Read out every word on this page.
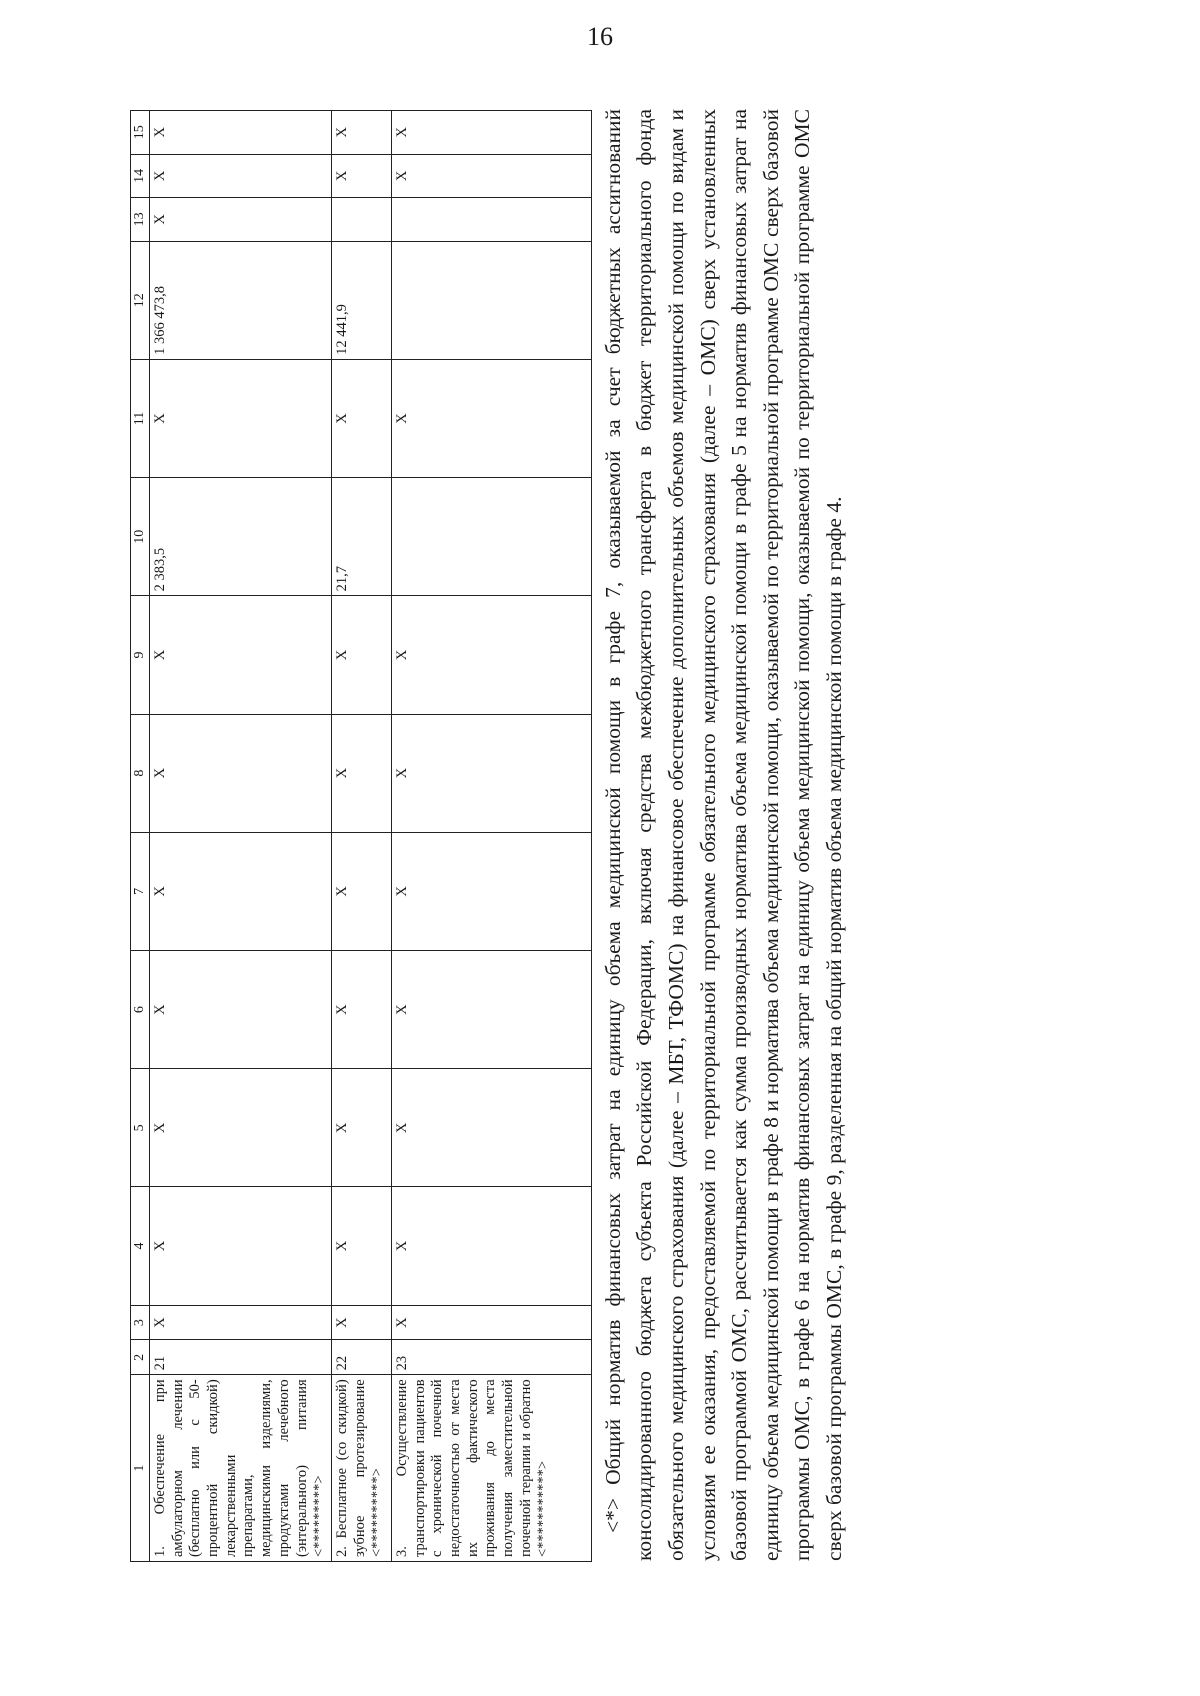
16
1	2	3	4	5	6	7	8	9	10	11	12	13	14	15
1. Обеспечение при амбулаторном лечении (бесплатно или с 50-процентной скидкой) лекарственными препаратами, медицинскими изделиями, продуктами лечебного (энтерального) питания <*********>	21	X	X	X	X	X	X	X	2 383,5	X	1 366 473,8	X	X	X
2. Бесплатное (со скидкой) зубное протезирование <**********>	22	X	X	X	X	X	X	X	21,7	X	12 441,9		X	X
3. Осуществление транспортировки пациентов с хронической почечной недостаточностью от места их фактического проживания до места получения заместительной почечной терапии и обратно <***********>	23	X	X	X	X	X	X	X		X			X	X	<*> Общий норматив финансовых затрат на единицу объема медицинской помощи в графе 7, оказываемой за счет бюджетных ассигнований консолидированного бюджета субъекта Российской Федерации, включая средства межбюджетного трансферта в бюджет территориального фонда обязательного медицинского страхования (далее – МБТ, ТФОМС) на финансовое обеспечение дополнительных объемов медицинской помощи по видам и условиям ее оказания, предоставляемой по территориальной программе обязательного медицинского страхования (далее – ОМС) сверх установленных базовой программой ОМС, рассчитывается как сумма производных норматива объема медицинской помощи в графе 5 на норматив финансовых затрат на единицу объема медицинской помощи в графе 8 и норматива объема медицинской помощи, оказываемой по территориальной программе ОМС сверх базовой программы ОМС, в графе 6 на норматив финансовых затрат на единицу объема медицинской помощи, оказываемой по территориальной программе ОМС сверх базовой программы ОМС, в графе 9, разделенная на общий норматив объема медицинской помощи в графе 4.
